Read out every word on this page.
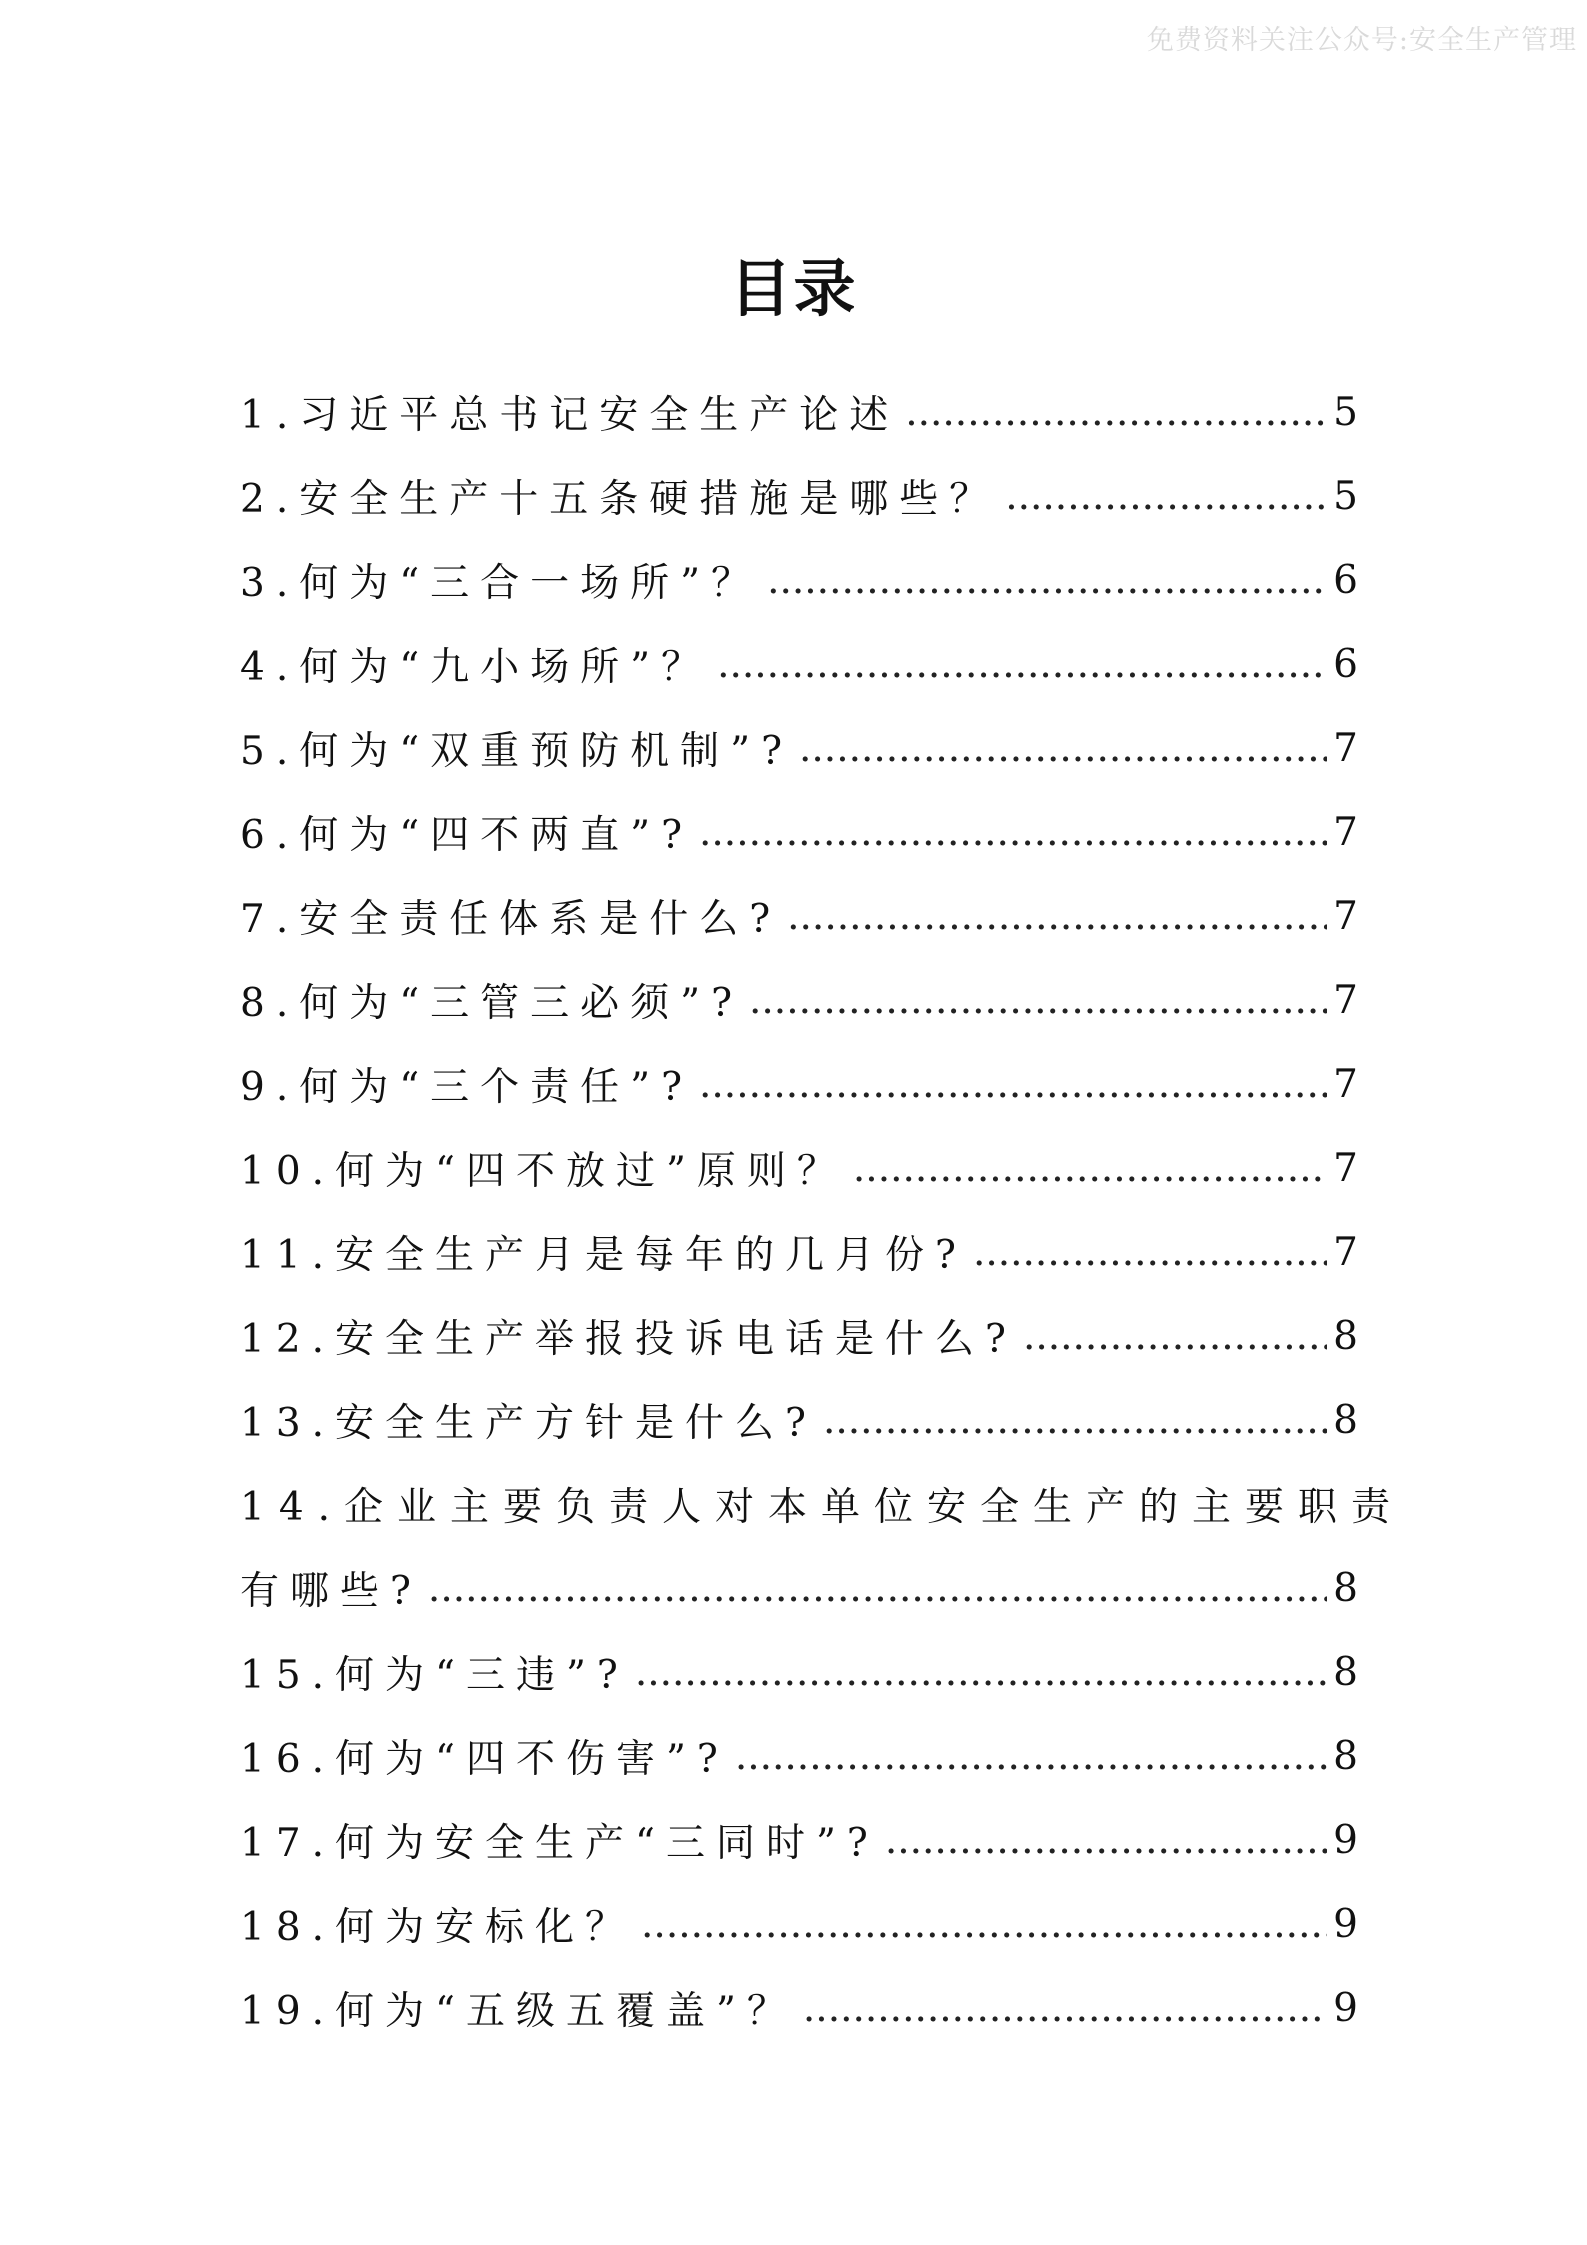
免费资料关注公众号:安全生产管理
目录
1.习近平总书记安全生产论述 .....	5
2.安全生产十五条硬措施是哪些？ .....	5
3.何为“三合一场所”？ .....	6
4.何为“九小场所”？ .....	6
5.何为“双重预防机制”? .....	7
6.何为“四不两直”? .....	7
7.安全责任体系是什么? .....	7
8.何为“三管三必须”? .....	7
9.何为“三个责任”? .....	7
10.何为“四不放过”原则？ .....	7
11.安全生产月是每年的几月份? .....	7
12.安全生产举报投诉电话是什么? .....	8
13.安全生产方针是什么? .....	8
14.企业主要负责人对本单位安全生产的主要职责
有哪些? .....	8
15.何为“三违”? .....	8
16.何为“四不伤害”? .....	8
17.何为安全生产“三同时”? .....	9
18.何为安标化？ .....	9
19.何为“五级五覆盖”？ .....	9
